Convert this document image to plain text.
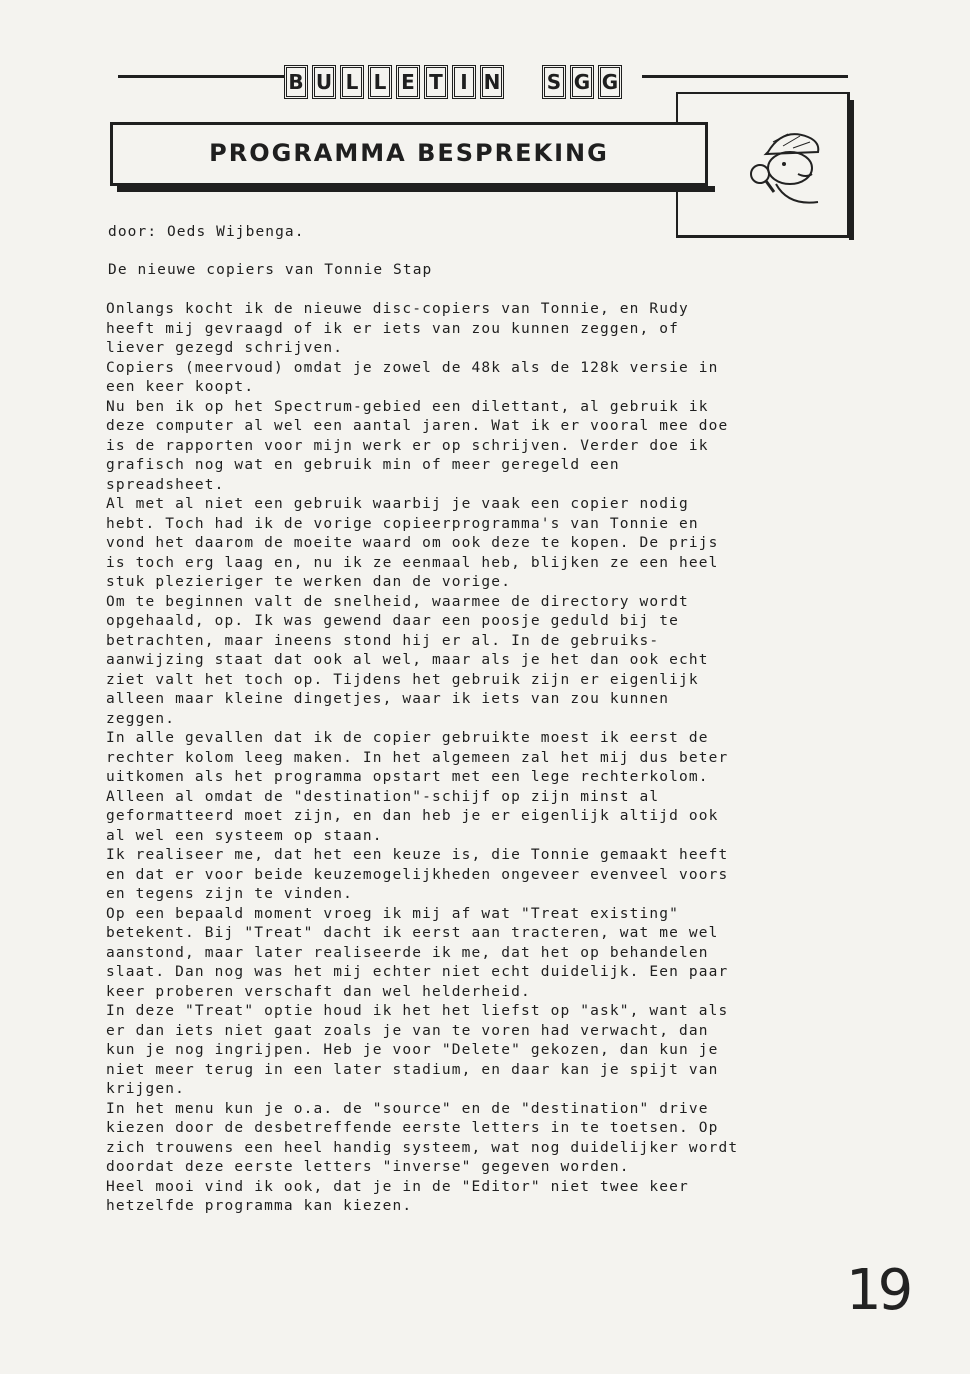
B U L L E T I N S G G
PROGRAMMA BESPREKING
door: Oeds Wijbenga.
De nieuwe copiers van Tonnie Stap
Onlangs kocht ik de nieuwe disc-copiers van Tonnie, en Rudy
heeft mij gevraagd of ik er iets van zou kunnen zeggen, of
liever gezegd schrijven.
Copiers (meervoud) omdat je zowel de 48k als de 128k versie in
een keer koopt.
Nu ben ik op het Spectrum-gebied een dilettant, al gebruik ik
deze computer al wel een aantal jaren. Wat ik er vooral mee doe
is de rapporten voor mijn werk er op schrijven. Verder doe ik
grafisch nog wat en gebruik min of meer geregeld een
spreadsheet.
Al met al niet een gebruik waarbij je vaak een copier nodig
hebt. Toch had ik de vorige copieerprogramma's van Tonnie en
vond het daarom de moeite waard om ook deze te kopen. De prijs
is toch erg laag en, nu ik ze eenmaal heb, blijken ze een heel
stuk plezieriger te werken dan de vorige.
Om te beginnen valt de snelheid, waarmee de directory wordt
opgehaald, op. Ik was gewend daar een poosje geduld bij te
betrachten, maar ineens stond hij er al. In de gebruiks-
aanwijzing staat dat ook al wel, maar als je het dan ook echt
ziet valt het toch op. Tijdens het gebruik zijn er eigenlijk
alleen maar kleine dingetjes, waar ik iets van zou kunnen
zeggen.
In alle gevallen dat ik de copier gebruikte moest ik eerst de
rechter kolom leeg maken. In het algemeen zal het mij dus beter
uitkomen als het programma opstart met een lege rechterkolom.
Alleen al omdat de "destination"-schijf op zijn minst al
geformatteerd moet zijn, en dan heb je er eigenlijk altijd ook
al wel een systeem op staan.
Ik realiseer me, dat het een keuze is, die Tonnie gemaakt heeft
en dat er voor beide keuzemogelijkheden ongeveer evenveel voors
en tegens zijn te vinden.
Op een bepaald moment vroeg ik mij af wat "Treat existing"
betekent. Bij "Treat" dacht ik eerst aan tracteren, wat me wel
aanstond, maar later realiseerde ik me, dat het op behandelen
slaat. Dan nog was het mij echter niet echt duidelijk. Een paar
keer proberen verschaft dan wel helderheid.
In deze "Treat" optie houd ik het het liefst op "ask", want als
er dan iets niet gaat zoals je van te voren had verwacht, dan
kun je nog ingrijpen. Heb je voor "Delete" gekozen, dan kun je
niet meer terug in een later stadium, en daar kan je spijt van
krijgen.
In het menu kun je o.a. de "source" en de "destination" drive
kiezen door de desbetreffende eerste letters in te toetsen. Op
zich trouwens een heel handig systeem, wat nog duidelijker wordt
doordat deze eerste letters "inverse" gegeven worden.
Heel mooi vind ik ook, dat je in de "Editor" niet twee keer
hetzelfde programma kan kiezen.
19
